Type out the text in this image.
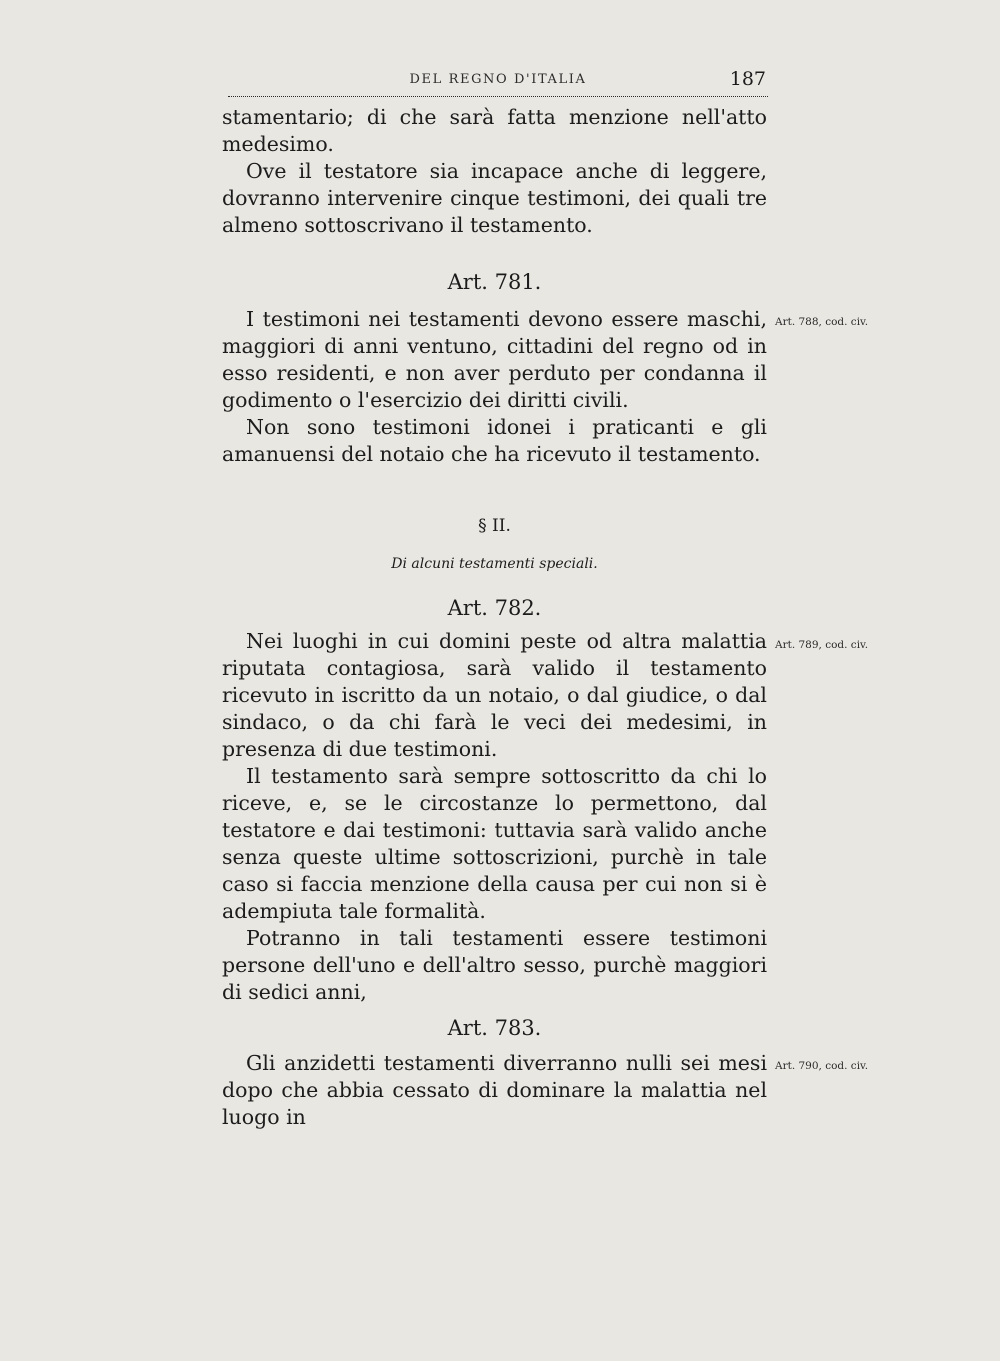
DEL REGNO D'ITALIA	187

stamentario; di che sarà fatta menzione nell'atto medesimo.

Ove il testatore sia incapace anche di leggere, dovranno intervenire cinque testimoni, dei quali tre almeno sottoscrivano il testamento.

Art. 781.
Art. 788, cod. civ.

I testimoni nei testamenti devono essere maschi, maggiori di anni ventuno, cittadini del regno od in esso residenti, e non aver perduto per condanna il godimento o l'esercizio dei diritti civili.

Non sono testimoni idonei i praticanti e gli amanuensi del notaio che ha ricevuto il testamento.

§ II.
Di alcuni testamenti speciali.
Art. 782.
Art. 789, cod. civ.

Nei luoghi in cui domini peste od altra malattia riputata contagiosa, sarà valido il testamento ricevuto in iscritto da un notaio, o dal giudice, o dal sindaco, o da chi farà le veci dei medesimi, in presenza di due testimoni.

Il testamento sarà sempre sottoscritto da chi lo riceve, e, se le circostanze lo permettono, dal testatore e dai testimoni: tuttavia sarà valido anche senza queste ultime sottoscrizioni, purchè in tale caso si faccia menzione della causa per cui non si è adempiuta tale formalità.

Potranno in tali testamenti essere testimoni persone dell'uno e dell'altro sesso, purchè maggiori di sedici anni,

Art. 783.
Art. 790, cod. civ.

Gli anzidetti testamenti diverranno nulli sei mesi dopo che abbia cessato di dominare la malattia nel luogo in
